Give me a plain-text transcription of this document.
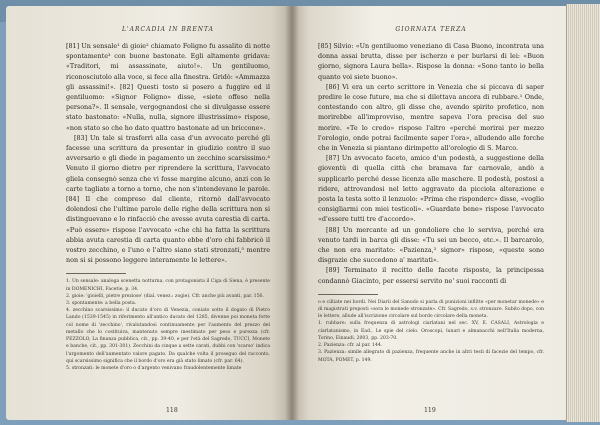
L'ARCADIA IN BRENTA

[81] Un sensale¹ di gioie² chiamato Foligno fu assalito di notte spontamente³ con buone bastonate. Egli altamente gridava: «Traditori, mi assassinate, aiuto!». Un gentiluomo, riconosciutolo alla voce, si fece alla finestra. Gridò: «Ammazza gli assassini!». [82] Questi tosto si posero a fuggire ed il gentiluomo: «Signor Foligno» disse, «siete offeso nella persona?». Il sensale, vergognandosi che si divulgasse essere stato bastonato: «Nulla, nulla, signore illustrissimo» rispose, «non stato so che ho dato quattro bastonate ad un briccone».

[83] Un tale si trasferrì alla casa d'un avvocato perché gli facesse una scrittura da presentar in giudizio contro il suo avversario e gli diede in pagamento un zecchino scarsissimo.⁴ Venuto il giorno dietro per riprendere la scrittura, l'avvocato gliela consegnò senza che vi fosse margine alcuno, anzi con le carte tagliate a torno a torno, che non s'intendevano le parole. [84] Il che compreso dal cliente, ritornò dall'avvocato dolendosi che l'ultime parole delle righe della scrittura non si distinguevano e lo rinfacciò che avesse avuta carestia di carta. «Può essere» rispose l'avvocato «che chi ha fatta la scrittura abbia avuta carestia di carta quanto ebbe d'oro chi fabbricò il vostro zecchino, e l'uno e l'altro siano stati stronzati,⁵ mentre non si si possono leggere interamente le lettere».

1. Un sensale: analoga scenetta notturna, con protagonista il Ciga di Siena, è presente in DOMENICHI, Facetie, p. 34.

2. gioie: 'gioielli, pietre preziose' (dial. venez.: zogie). Cfr. anche più avanti, par. 156.

3. spontamente: a bella posta.

4. zecchino scarsissimo: il ducato d'oro di Venezia, coniato sotto il dogato di Pietro Lando (1539-1545) in riferimento all'antico ducato del 1285, divenne poi moneta forte col nome di 'zecchino', rivalutandosi continuamente per l'aumento del prezzo del metallo che lo costituiva, mantenuto sempre inestimato per peso e purezza (cfr. PEZZOLO, La finanza pubblica, cit., pp. 39-40, e per l'età del Sagredo, TUCCI, Monete e banche, cit., pp. 301-301). Zecchini da cinque a sette carati, dubbi con 'scarso' indica l'argomento dell'aumentato valore pagato. Da qualche volta il proseguo del racconto, qui scarsissimo significa che il bordo d'oro era già stato limato (cfr. par. 64).

5. stronzati: le monete d'oro o d'argento venivano fraudolentemente limate

118
GIORNATA TERZA

[85] Silvio: «Un gentiluomo veneziano di Casa Buono, incontrata una donna assai brutta, disse per ischerzo e per burlarsi di lei: «Buon giorno, signora Laura bella». Rispose la donna: «Sono tanto io bella quanto voi siete buono».

[86] Vi era un certo scrittore in Venezia che si piccava di saper predire le cose future, ma che si dilettava ancora di rubbare.¹ Onde, contestando con altro, gli disse che, avendo spirito profetico, non morirebbe all'improvviso, mentre sapeva l'ora precisa del suo morire. «Te lo credo» rispose l'altro «perché morirai per mezzo l'orologio, onde potrai facilmente saper l'ora», alludendo alle forche che in Venezia si piantano dirimpetto all'orologio di S. Marco.

[87] Un avvocato faceto, amico d'un podestà, a suggestione della gioventù di quella città che bramava far carnovale, andò a supplicarlo perché desse licenza alle maschere. Il podestà, postosi a ridere, attrovandosi nel letto aggravato da picciola alterazione e posta la testa sotto il lenzuolo: «Prima che risponderc» disse, «voglio consigliarmi con miei testicoli». «Guardate bene» rispose l'avvocato «d'essere tutti tre d'accordo».

[88] Un mercante ad un gondoliere che lo serviva, perché era venuto tardi in barca gli disse: «Tu sei un becco, etc.». Il barcarolo, che non era maritato: «Pazienza,² signor» rispose, «queste sono disgrazie che succedono a' maritati».

[89] Terminato il recitto delle facete risposte, la principessa condannò Giacinto, per essersi servito ne' suoi racconti di

o e cilliate nei bordi. Nei Diarii del Sanudo si parla di punizioni inflitte «per monetar monede» e di magistrati preposti «sora le monede stronzate». Cfr. Sagredo, s.v. stronzare. Subito dopo, con le lettere, allude all'iscrizione circolare sul bordo circolare della moneta.

1. rubbare: sulla frequenza di astrologi ciarlatani nel sec. XV, E. CASALI, Astrologia e ciarlatanismo, in Ead., Le spie del cielo. Oroscopi, lunari e almanacchi nell'Italia moderna, Torino, Einaudi, 2003, pp. 203-70.

2. Pazienza: cfr. al par. 144.

3. Pazienza: simile allegrato di pazienza, frequente anche in altri testi di facezie del tempo, cfr. MOTA, POMET, p. 149.

119
